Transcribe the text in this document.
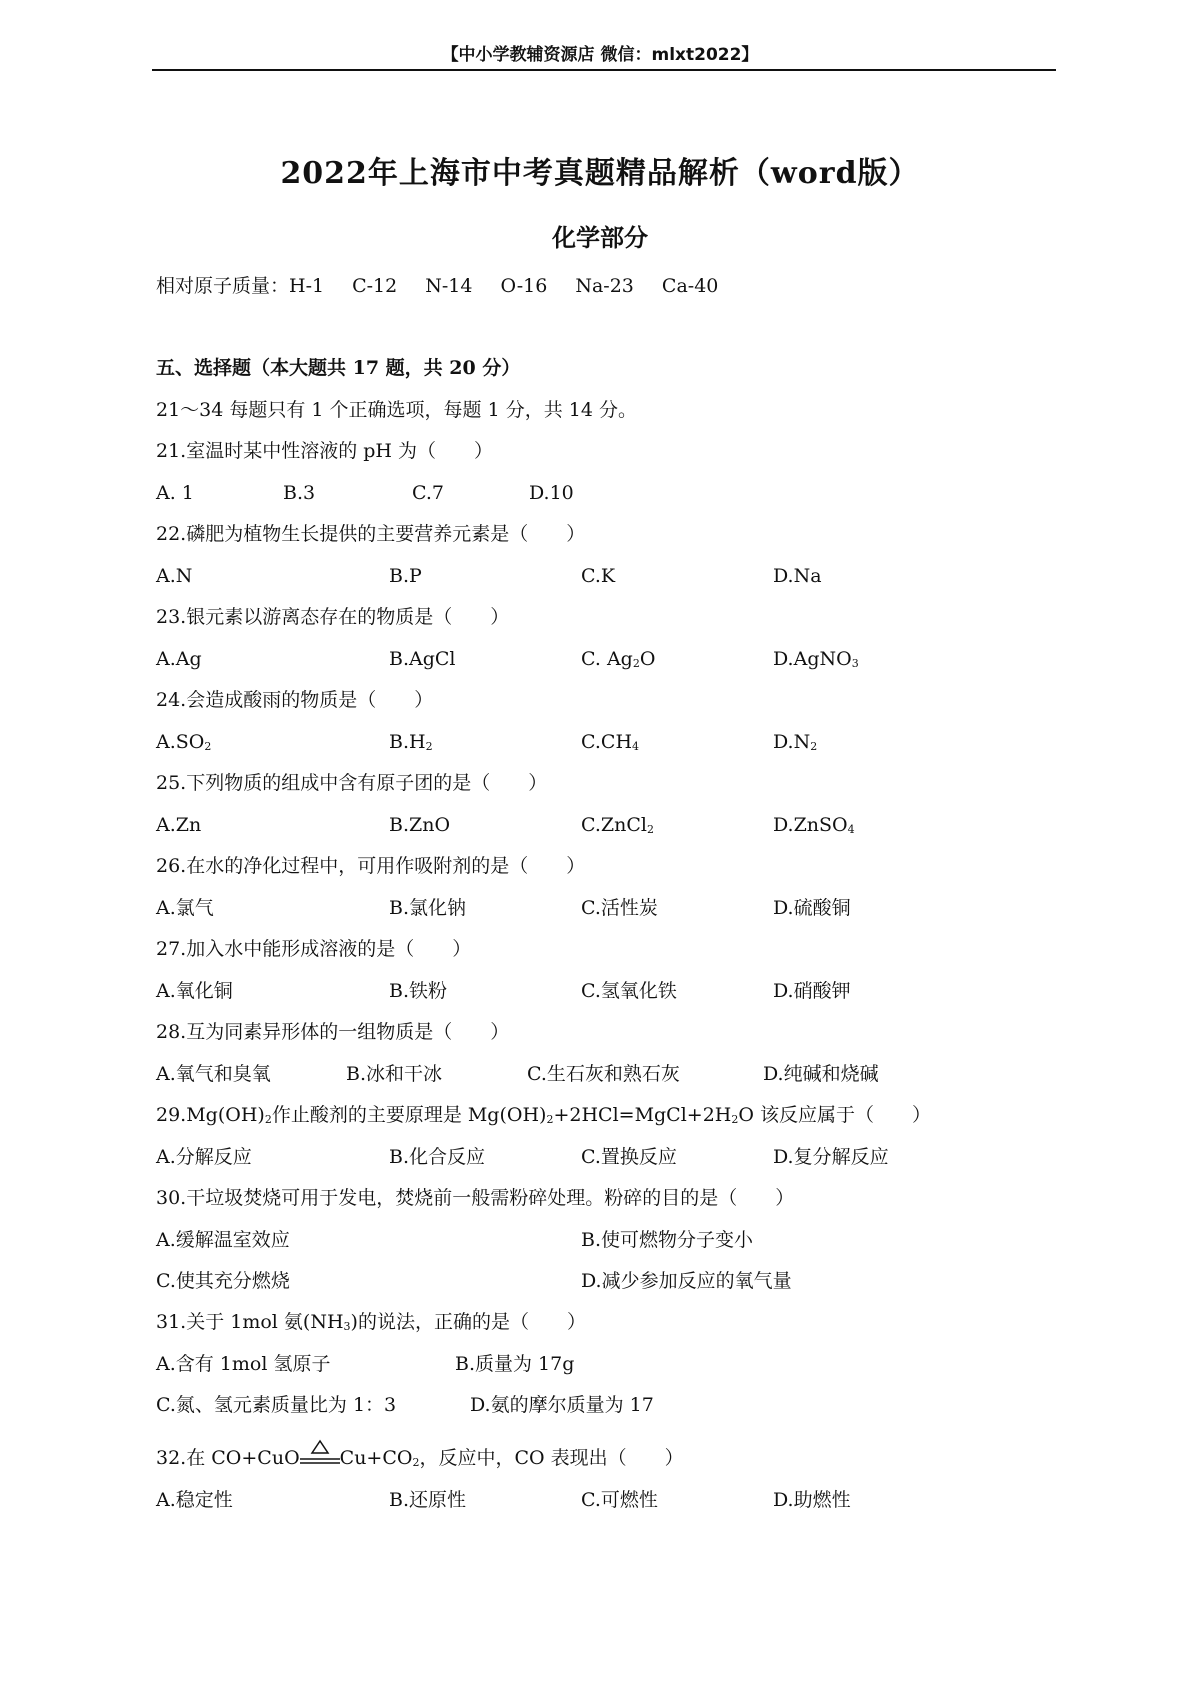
【中小学教辅资源店 微信：mlxt2022】
2022年上海市中考真题精品解析（word版）
化学部分
相对原子质量：H-1 C-12 N-14 O-16 Na-23 Ca-40
五、选择题（本大题共 17 题，共 20 分）
21～34 每题只有 1 个正确选项，每题 1 分，共 14 分。
21.室温时某中性溶液的 pH 为（　　）
A. 1	B.3	C.7	D.10
22.磷肥为植物生长提供的主要营养元素是（　　）
A.N	B.P	C.K	D.Na
23.银元素以游离态存在的物质是（　　）
A.Ag	B.AgCl	C. $Ag_2O$	D.AgNO$_3$
24.会造成酸雨的物质是（　　）
$A.SO_2$	$B.H_2$	$C.CH_4$	$D.N_2$
25.下列物质的组成中含有原子团的是（　　）
A.Zn	B.ZnO	C.ZnCl$_2$	D.ZnSO$_4$
26.在水的净化过程中，可用作吸附剂的是（　　）
A.氯气	B.氯化钠	C.活性炭	D.硫酸铜
27.加入水中能形成溶液的是（　　）
A.氧化铜	B.铁粉	C.氢氧化铁	D.硝酸钾
28.互为同素异形体的一组物质是（　　）
A.氧气和臭氧	B.冰和干冰	C.生石灰和熟石灰	D.纯碱和烧碱
$29.Mg(OH)_2$作止酸剂的主要原理是 $Mg(OH)_2+2HCl=MgCl+2H_2O$ 该反应属于（　　）
A.分解反应	B.化合反应	C.置换反应	D.复分解反应
30.干垃圾焚烧可用于发电，焚烧前一般需粉碎处理。粉碎的目的是（　　）
A.缓解温室效应	B.使可燃物分子变小
C.使其充分燃烧	D.减少参加反应的氧气量
31.关于 1mol 氨$(NH_3)$的说法，正确的是（　　）
A.含有 1mol 氢原子	B.质量为 17g
C.氮、氢元素质量比为 1：3	D.氨的摩尔质量为 17
32.在 CO+CuO $Cu+CO_2$，反应中，CO 表现出（　　）
A.稳定性	B.还原性	C.可燃性	D.助燃性
